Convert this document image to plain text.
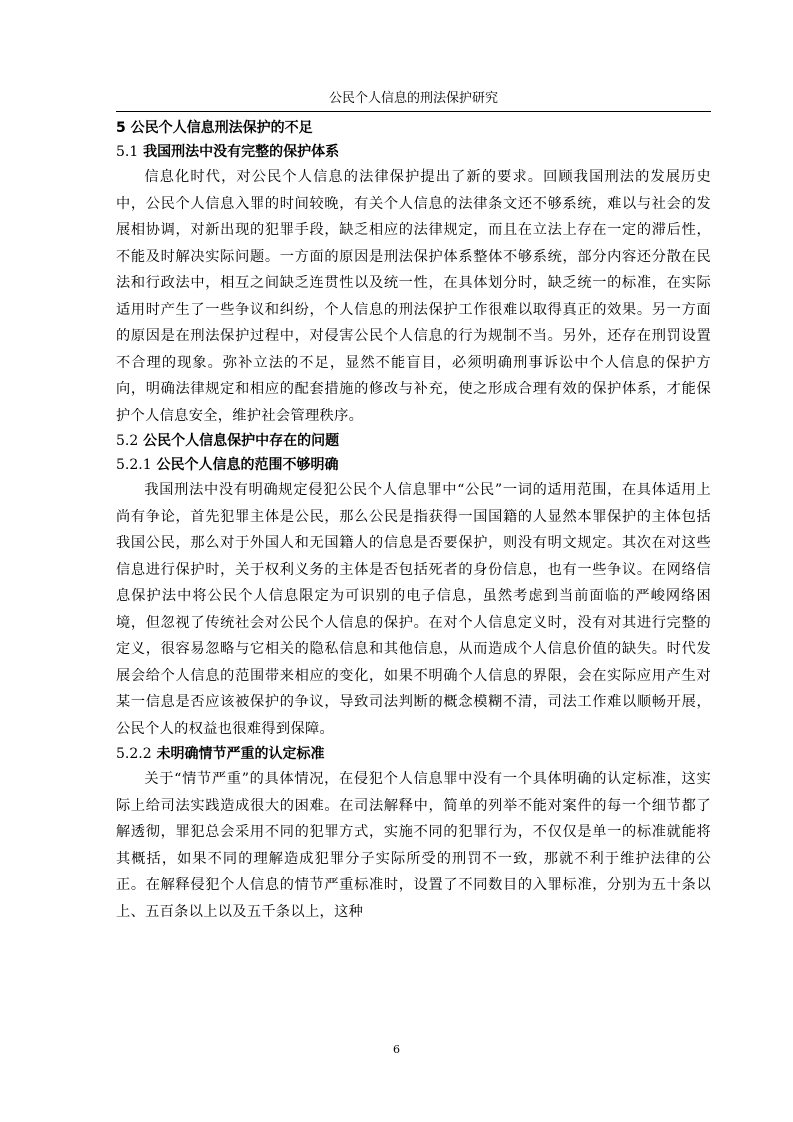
公民个人信息的刑法保护研究
5 公民个人信息刑法保护的不足
5.1 我国刑法中没有完整的保护体系

信息化时代，对公民个人信息的法律保护提出了新的要求。回顾我国刑法的发展历史中，公民个人信息入罪的时间较晚，有关个人信息的法律条文还不够系统，难以与社会的发展相协调，对新出现的犯罪手段，缺乏相应的法律规定，而且在立法上存在一定的滞后性，不能及时解决实际问题。一方面的原因是刑法保护体系整体不够系统，部分内容还分散在民法和行政法中，相互之间缺乏连贯性以及统一性，在具体划分时，缺乏统一的标准，在实际适用时产生了一些争议和纠纷，个人信息的刑法保护工作很难以取得真正的效果。另一方面的原因是在刑法保护过程中，对侵害公民个人信息的行为规制不当。另外，还存在刑罚设置不合理的现象。弥补立法的不足，显然不能盲目，必须明确刑事诉讼中个人信息的保护方向，明确法律规定和相应的配套措施的修改与补充，使之形成合理有效的保护体系，才能保护个人信息安全，维护社会管理秩序。

5.2 公民个人信息保护中存在的问题
5.2.1 公民个人信息的范围不够明确

我国刑法中没有明确规定侵犯公民个人信息罪中“公民”一词的适用范围，在具体适用上尚有争论，首先犯罪主体是公民，那么公民是指获得一国国籍的人显然本罪保护的主体包括我国公民，那么对于外国人和无国籍人的信息是否要保护，则没有明文规定。其次在对这些信息进行保护时，关于权利义务的主体是否包括死者的身份信息，也有一些争议。在网络信息保护法中将公民个人信息限定为可识别的电子信息，虽然考虑到当前面临的严峻网络困境，但忽视了传统社会对公民个人信息的保护。在对个人信息定义时，没有对其进行完整的定义，很容易忽略与它相关的隐私信息和其他信息，从而造成个人信息价值的缺失。时代发展会给个人信息的范围带来相应的变化，如果不明确个人信息的界限，会在实际应用产生对某一信息是否应该被保护的争议，导致司法判断的概念模糊不清，司法工作难以顺畅开展，公民个人的权益也很难得到保障。

5.2.2 未明确情节严重的认定标准

关于“情节严重”的具体情况，在侵犯个人信息罪中没有一个具体明确的认定标准，这实际上给司法实践造成很大的困难。在司法解释中，简单的列举不能对案件的每一个细节都了解透彻，罪犯总会采用不同的犯罪方式，实施不同的犯罪行为，不仅仅是单一的标准就能将其概括，如果不同的理解造成犯罪分子实际所受的刑罚不一致，那就不利于维护法律的公正。在解释侵犯个人信息的情节严重标准时，设置了不同数目的入罪标准，分别为五十条以上、五百条以上以及五千条以上，这种

6
